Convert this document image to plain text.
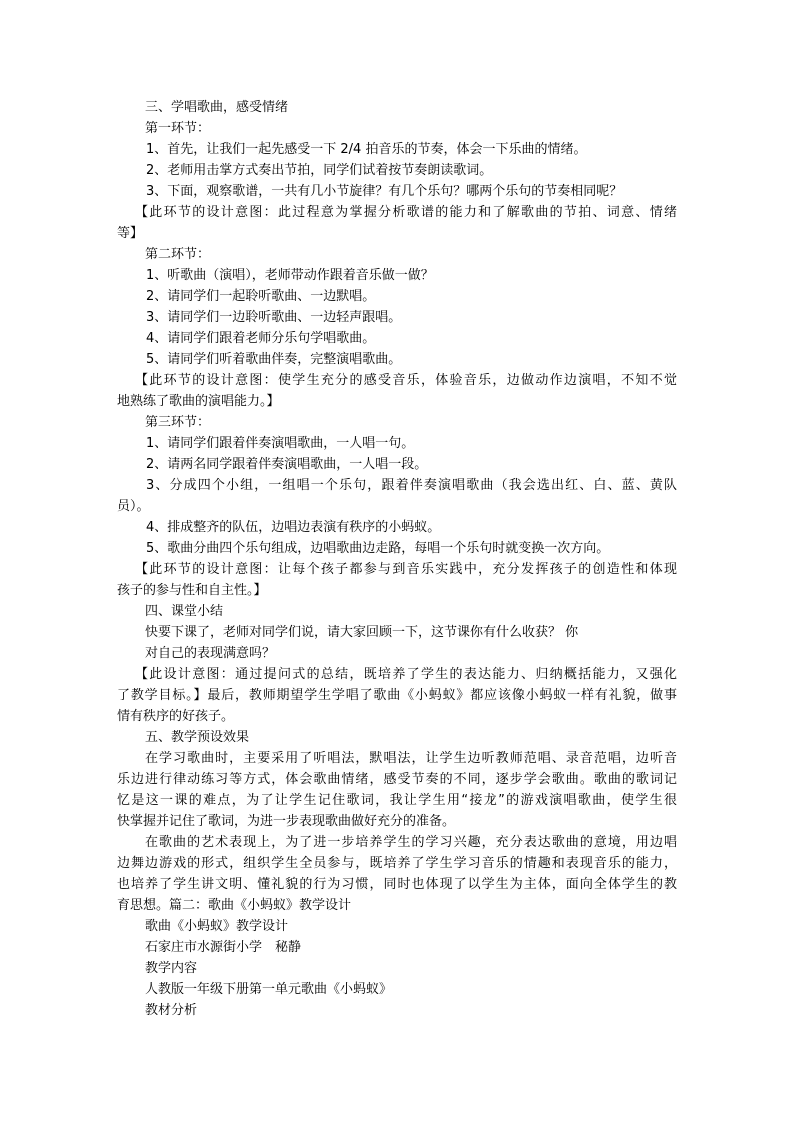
三、学唱歌曲，感受情绪
第一环节：
1、首先，让我们一起先感受一下 2/4 拍音乐的节奏，体会一下乐曲的情绪。
2、老师用击掌方式奏出节拍，同学们试着按节奏朗读歌词。
3、下面，观察歌谱，一共有几小节旋律？有几个乐句？哪两个乐句的节奏相同呢？
【此环节的设计意图：此过程意为掌握分析歌谱的能力和了解歌曲的节拍、词意、情绪
等】
第二环节：
1、听歌曲（演唱），老师带动作跟着音乐做一做？
2、请同学们一起聆听歌曲、一边默唱。
3、请同学们一边聆听歌曲、一边轻声跟唱。
4、请同学们跟着老师分乐句学唱歌曲。
5、请同学们听着歌曲伴奏，完整演唱歌曲。
【此环节的设计意图：使学生充分的感受音乐，体验音乐，边做动作边演唱，不知不觉
地熟练了歌曲的演唱能力。】
第三环节：
1、请同学们跟着伴奏演唱歌曲，一人唱一句。
2、请两名同学跟着伴奏演唱歌曲，一人唱一段。
3、分成四个小组，一组唱一个乐句，跟着伴奏演唱歌曲（我会选出红、白、蓝、黄队
员）。
4、排成整齐的队伍，边唱边表演有秩序的小蚂蚁。
5、歌曲分曲四个乐句组成，边唱歌曲边走路，每唱一个乐句时就变换一次方向。
【此环节的设计意图：让每个孩子都参与到音乐实践中，充分发挥孩子的创造性和体现
孩子的参与性和自主性。】
四、课堂小结
快要下课了，老师对同学们说，请大家回顾一下，这节课你有什么收获？ 你
对自己的表现满意吗？
【此设计意图：通过提问式的总结，既培养了学生的表达能力、归纳概括能力，又强化
了教学目标。】最后，教师期望学生学唱了歌曲《小蚂蚁》都应该像小蚂蚁一样有礼貌，做事
情有秩序的好孩子。
五、教学预设效果
在学习歌曲时，主要采用了听唱法，默唱法，让学生边听教师范唱、录音范唱，边听音
乐边进行律动练习等方式，体会歌曲情绪，感受节奏的不同，逐步学会歌曲。歌曲的歌词记
忆是这一课的难点，为了让学生记住歌词，我让学生用“接龙”的游戏演唱歌曲，使学生很
快掌握并记住了歌词，为进一步表现歌曲做好充分的准备。
在歌曲的艺术表现上，为了进一步培养学生的学习兴趣，充分表达歌曲的意境，用边唱
边舞边游戏的形式，组织学生全员参与，既培养了学生学习音乐的情趣和表现音乐的能力，
也培养了学生讲文明、懂礼貌的行为习惯，同时也体现了以学生为主体，面向全体学生的教
育思想。篇二：歌曲《小蚂蚁》教学设计
歌曲《小蚂蚁》教学设计
石家庄市水源街小学　秘静
教学内容
人教版一年级下册第一单元歌曲《小蚂蚁》
教材分析
